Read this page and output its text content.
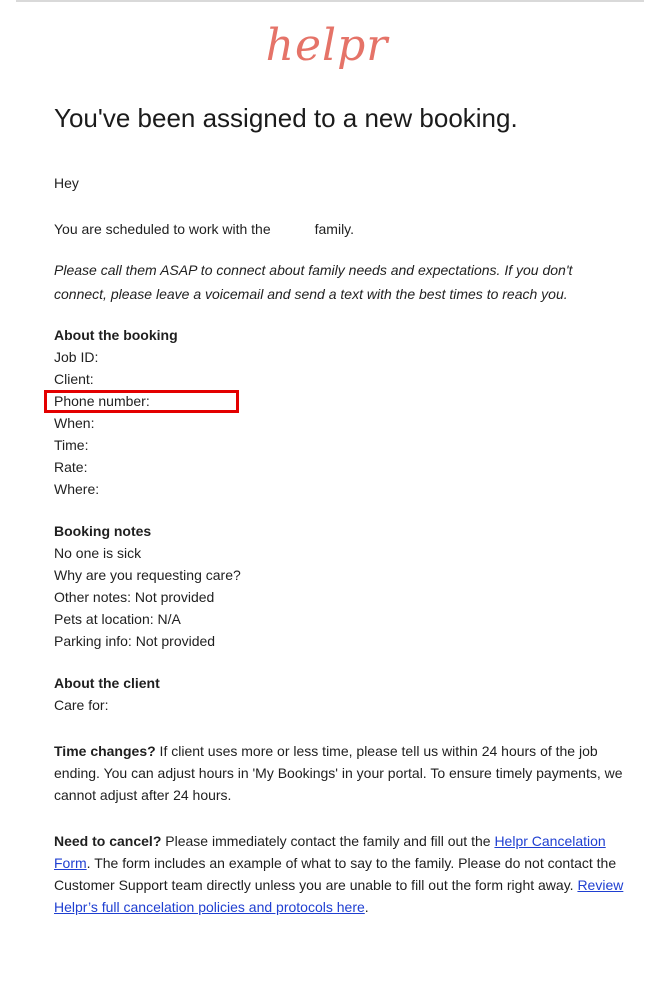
helpr
You've been assigned to a new booking.

Hey

You are scheduled to work with the	family.

Please call them ASAP to connect about family needs and expectations. If you don't connect, please leave a voicemail and send a text with the best times to reach you.

About the booking
Job ID:
Client:
Phone number:
When:
Time:
Rate:
Where:
Booking notes
No one is sick
Why are you requesting care?
Other notes: Not provided
Pets at location: N/A
Parking info: Not provided
About the client
Care for:

Time changes? If client uses more or less time, please tell us within 24 hours of the job ending. You can adjust hours in 'My Bookings' in your portal. To ensure timely payments, we cannot adjust after 24 hours.

Need to cancel? Please immediately contact the family and fill out the Helpr Cancelation Form. The form includes an example of what to say to the family. Please do not contact the Customer Support team directly unless you are unable to fill out the form right away. Review Helpr’s full cancelation policies and protocols here.
